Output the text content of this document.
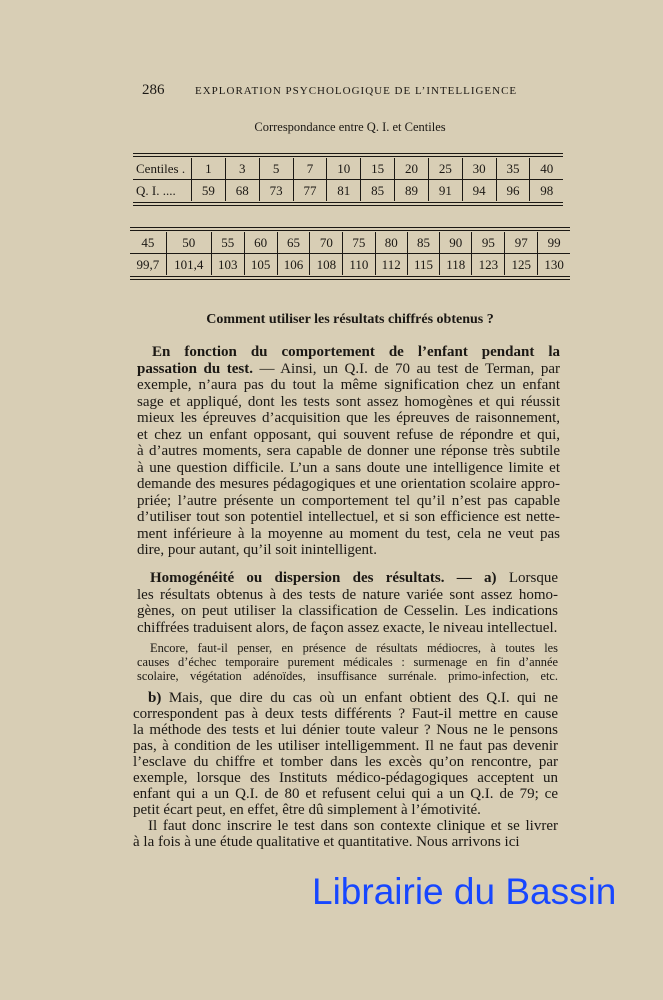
286	EXPLORATION PSYCHOLOGIQUE DE L’INTELLIGENCE
Correspondance entre Q. I. et Centiles
Centiles .	1	3	5	7	10	15	20	25	30	35	40
Q. I. ....	59	68	73	77	81	85	89	91	94	96	98
45	50	55	60	65	70	75	80	85	90	95	97	99
99,7	101,4	103	105	106	108	110	112	115	118	123	125	130
Comment utiliser les résultats chiffrés obtenus ?
En fonction du comportement de l’enfant pendant la
passation du test. — Ainsi, un Q.I. de 70 au test de Terman, par
exemple, n’aura pas du tout la même signification chez un enfant
sage et appliqué, dont les tests sont assez homogènes et qui réussit
mieux les épreuves d’acquisition que les épreuves de raisonnement,
et chez un enfant opposant, qui souvent refuse de répondre et qui,
à d’autres moments, sera capable de donner une réponse très subtile
à une question difficile. L’un a sans doute une intelligence limite et
demande des mesures pédagogiques et une orientation scolaire appro-
priée; l’autre présente un comportement tel qu’il n’est pas capable
d’utiliser tout son potentiel intellectuel, et si son efficience est nette-
ment inférieure à la moyenne au moment du test, cela ne veut pas
dire, pour autant, qu’il soit inintelligent.
Homogénéité ou dispersion des résultats. — a) Lorsque
les résultats obtenus à des tests de nature variée sont assez homo-
gènes, on peut utiliser la classification de Cesselin. Les indications
chiffrées traduisent alors, de façon assez exacte, le niveau intellectuel.
Encore, faut-il penser, en présence de résultats médiocres, à toutes les
causes d’échec temporaire purement médicales : surmenage en fin d’année
scolaire, végétation adénoïdes, insuffisance surrénale. primo-infection, etc.
b) Mais, que dire du cas où un enfant obtient des Q.I. qui ne
correspondent pas à deux tests différents ? Faut-il mettre en cause
la méthode des tests et lui dénier toute valeur ? Nous ne le pensons
pas, à condition de les utiliser intelligemment. Il ne faut pas devenir
l’esclave du chiffre et tomber dans les excès qu’on rencontre, par
exemple, lorsque des Instituts médico-pédagogiques acceptent un
enfant qui a un Q.I. de 80 et refusent celui qui a un Q.I. de 79; ce
petit écart peut, en effet, être dû simplement à l’émotivité.
Il faut donc inscrire le test dans son contexte clinique et se livrer
à la fois à une étude qualitative et quantitative. Nous arrivons ici
Librairie du Bassin
